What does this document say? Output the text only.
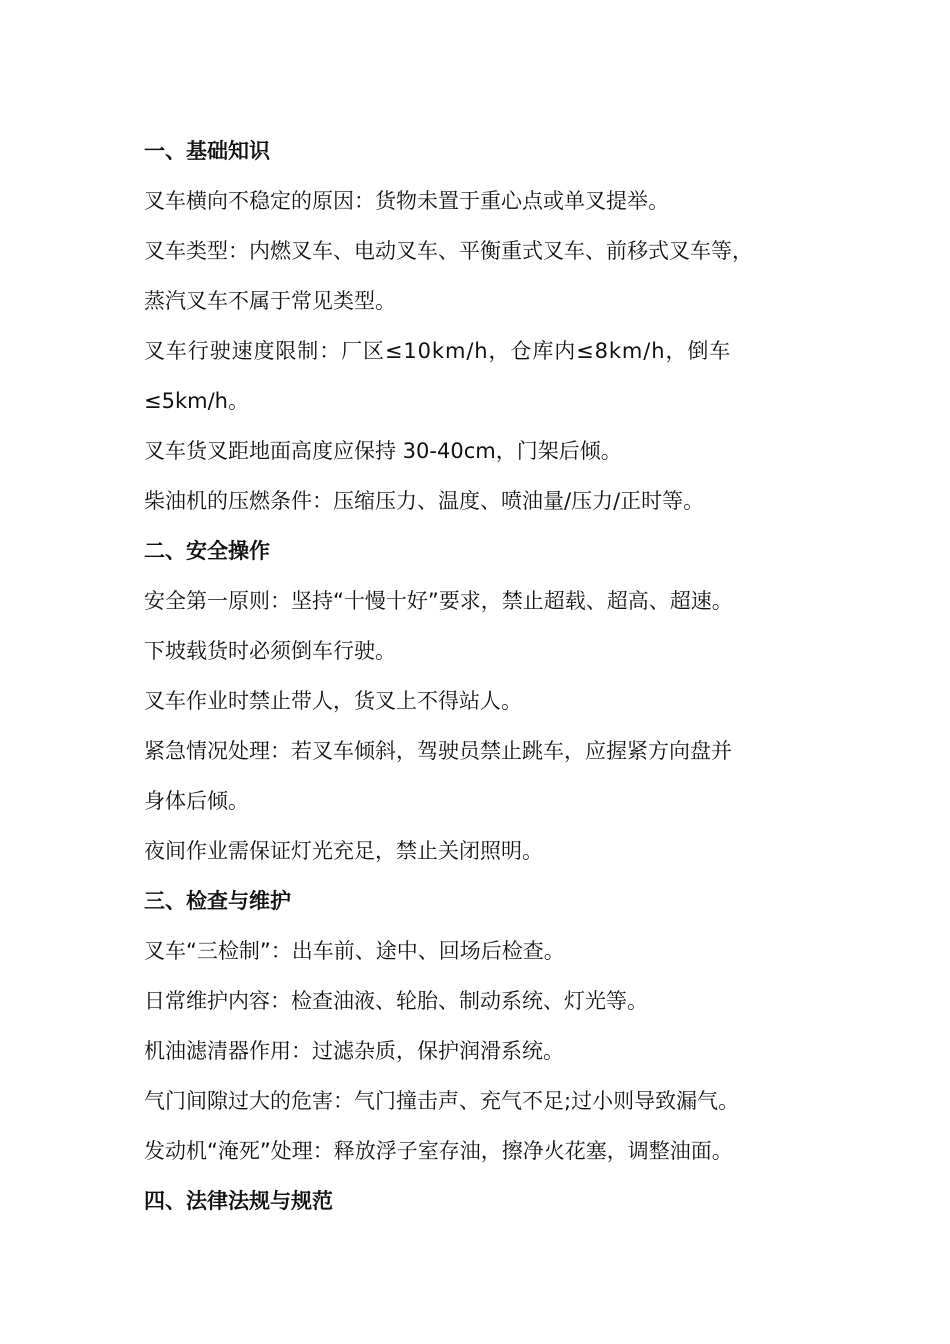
一、基础知识
叉车横向不稳定的原因：货物未置于重心点或单叉提举。
叉车类型：内燃叉车、电动叉车、平衡重式叉车、前移式叉车等，
蒸汽叉车不属于常见类型。
叉车行驶速度限制：厂区≤10km/h，仓库内≤8km/h，倒车
≤5km/h。
叉车货叉距地面高度应保持 30-40cm，门架后倾。
柴油机的压燃条件：压缩压力、温度、喷油量/压力/正时等。
二、安全操作
安全第一原则：坚持“十慢十好”要求，禁止超载、超高、超速。
下坡载货时必须倒车行驶。
叉车作业时禁止带人，货叉上不得站人。
紧急情况处理：若叉车倾斜，驾驶员禁止跳车，应握紧方向盘并
身体后倾。
夜间作业需保证灯光充足，禁止关闭照明。
三、检查与维护
叉车“三检制”：出车前、途中、回场后检查。
日常维护内容：检查油液、轮胎、制动系统、灯光等。
机油滤清器作用：过滤杂质，保护润滑系统。
气门间隙过大的危害：气门撞击声、充气不足;过小则导致漏气。
发动机“淹死”处理：释放浮子室存油，擦净火花塞，调整油面。
四、法律法规与规范
